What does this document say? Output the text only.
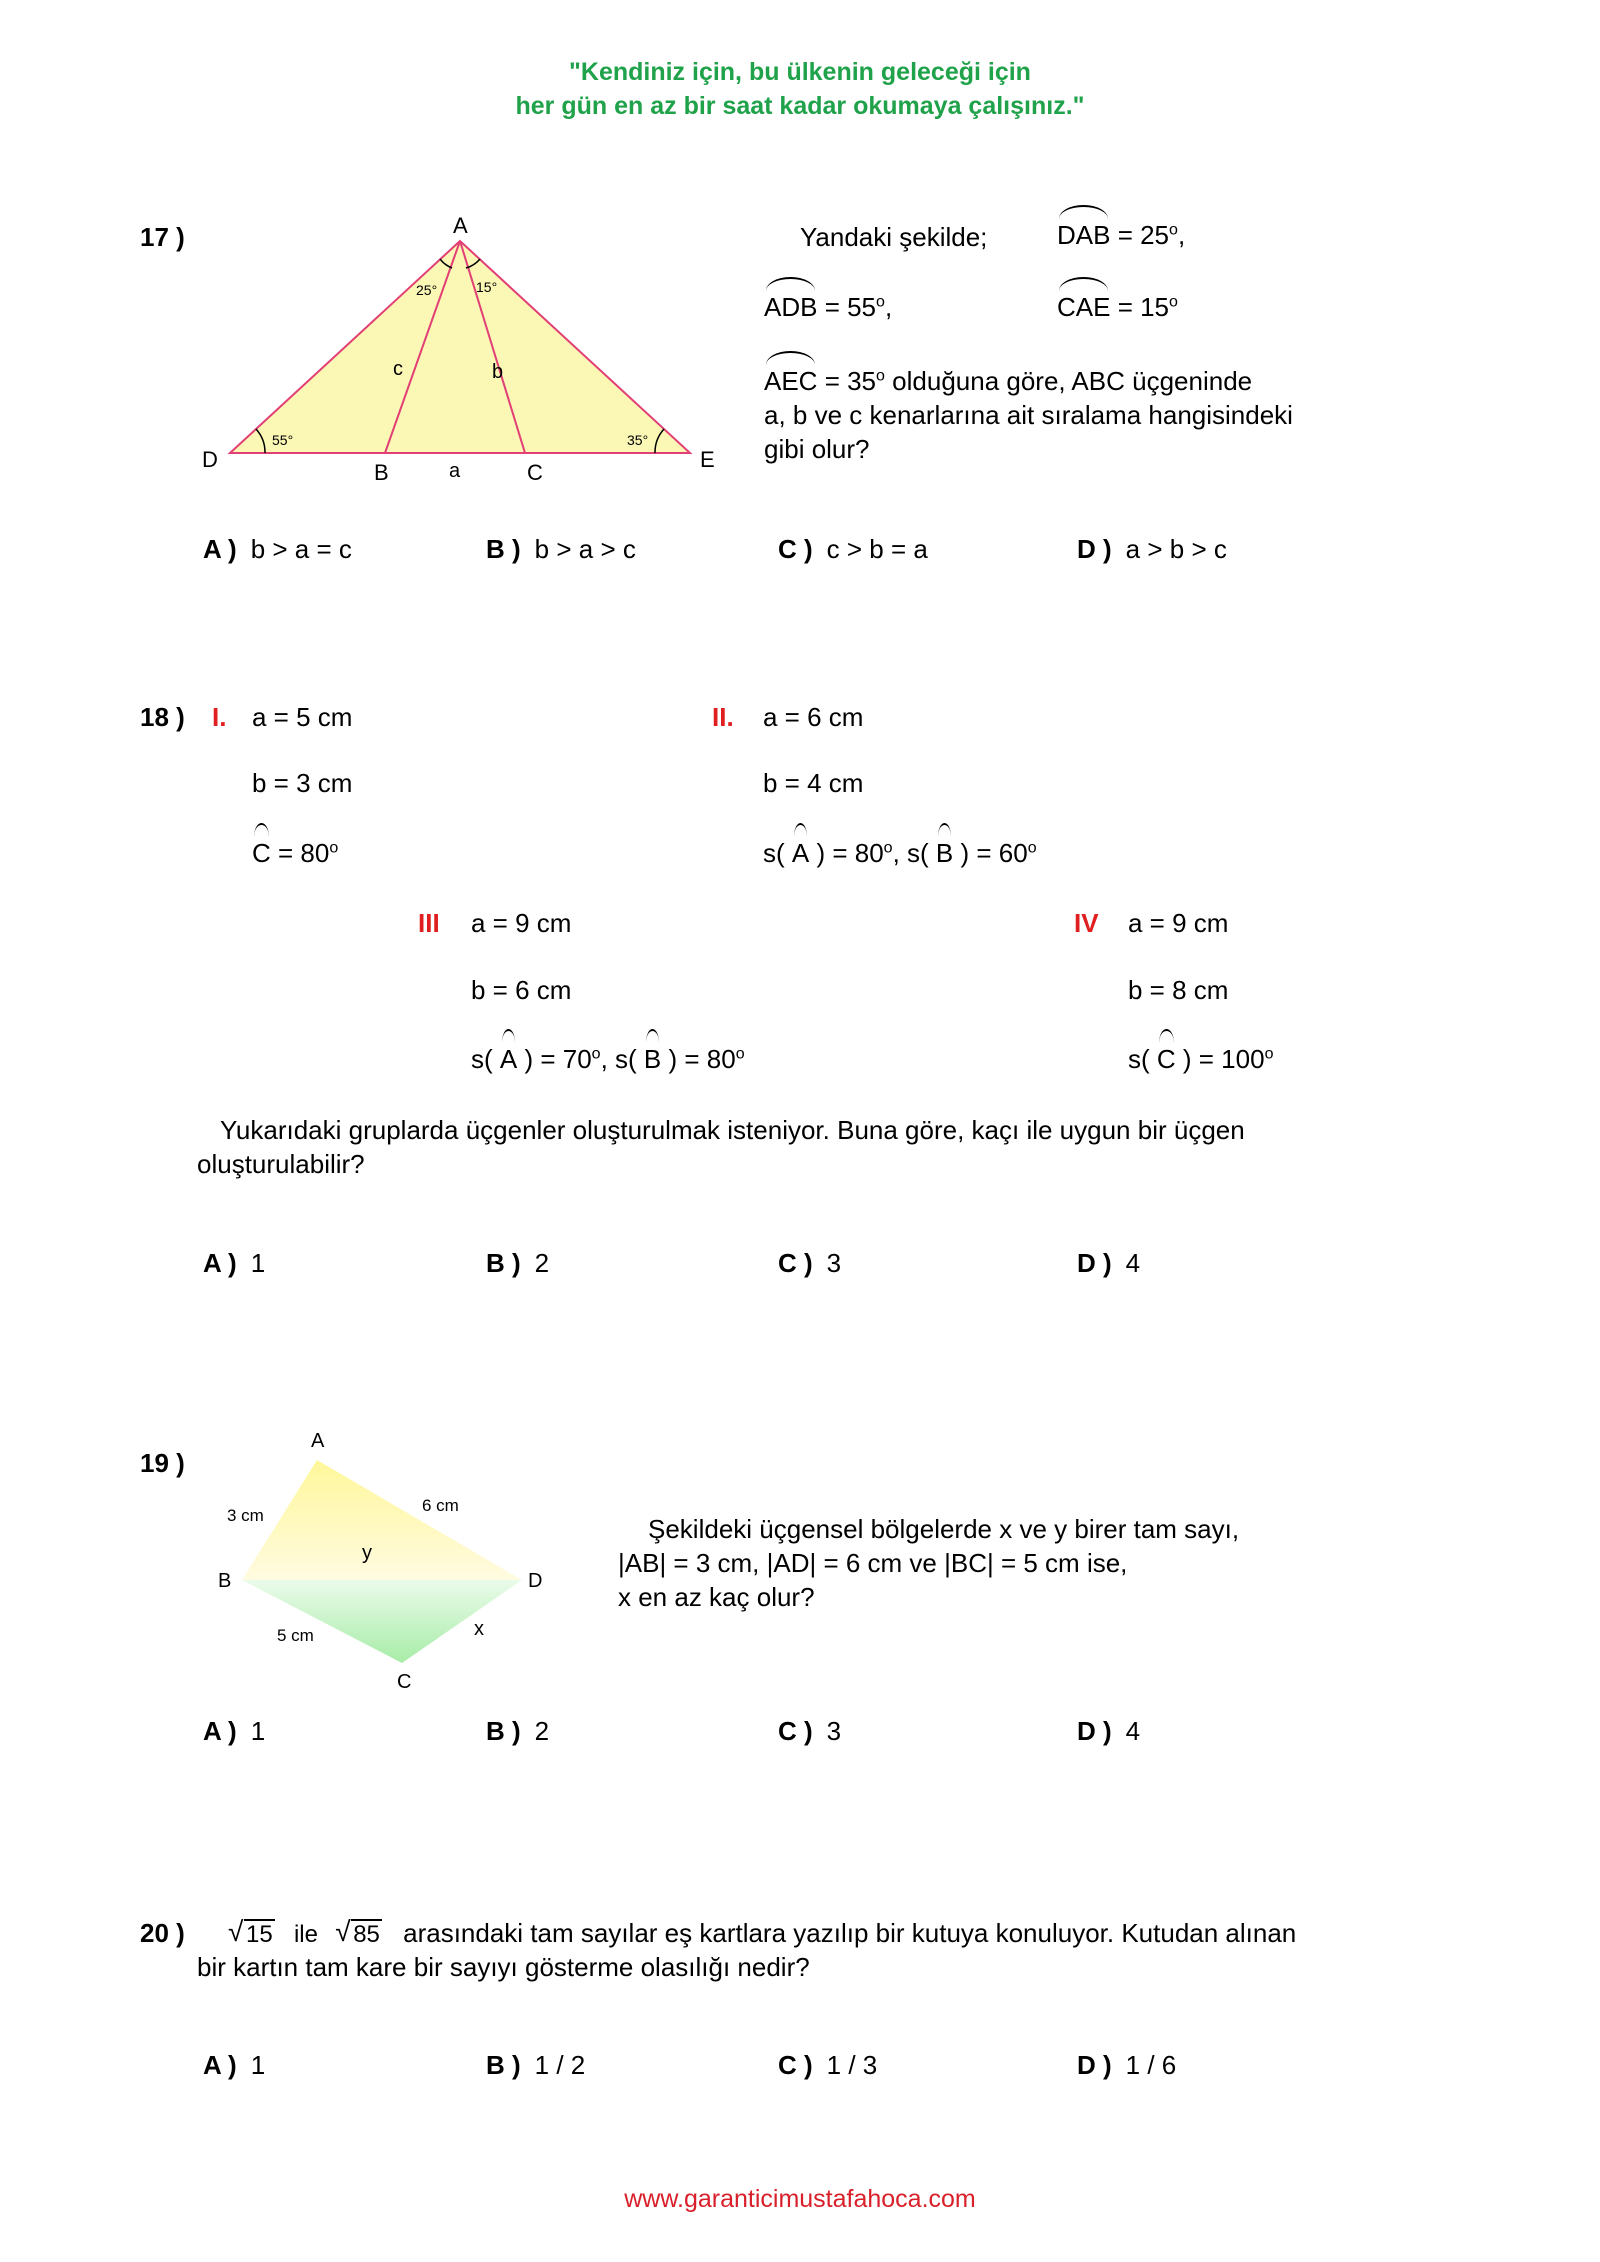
"Kendiniz için, bu ülkenin geleceği için
her gün en az bir saat kadar okumaya çalışınız."
17 )	A
D	E
B	C
a
b
c
25°	15°
55°	35°
Yandaki şekilde;	DAB = $25^o$,
ADB = $55^o$,	CAE = $15^o$
AEC = $35^o$ olduğuna göre, ABC üçgeninde
a, b ve c kenarlarına ait sıralama hangisindeki
gibi olur?
A ) b > a = c	B ) b > a > c	C ) c > b = a	D ) a > b > c
18 ) I. a = 5 cm
b = 3 cm
$C = 80^o$
II. a = 6 cm
b = 4 cm
s( A ) = $80^o$, s( B ) = $60^o$
III a = 9 cm
b = 6 cm
s( A ) = $70^o$, s( B ) = $80^o$
IV a = 9 cm
b = 8 cm
s( C ) = $100^o$
Yukarıdaki gruplarda üçgenler oluşturulmak isteniyor. Buna göre, kaçı ile uygun bir üçgen
oluşturulabilir?
A ) 1	B ) 2	C ) 3	D ) 4
19 )
A
B	D
C
3 cm
6 cm
5 cm	x
y
Şekildeki üçgensel bölgelerde x ve y birer tam sayı,
|AB| = 3 cm, |AD| = 6 cm ve |BC| = 5 cm ise,
x en az kaç olur?
A ) 1	B ) 2	C ) 3	D ) 4
20 ) √ 15 ile √ 85 arasındaki tam sayılar eş kartlara yazılıp bir kutuya konuluyor. Kutudan alınan
bir kartın tam kare bir sayıyı gösterme olasılığı nedir?
A ) 1	B ) 1 / 2	C ) 1 / 3	D ) 1 / 6
www.garanticimustafahoca.com
